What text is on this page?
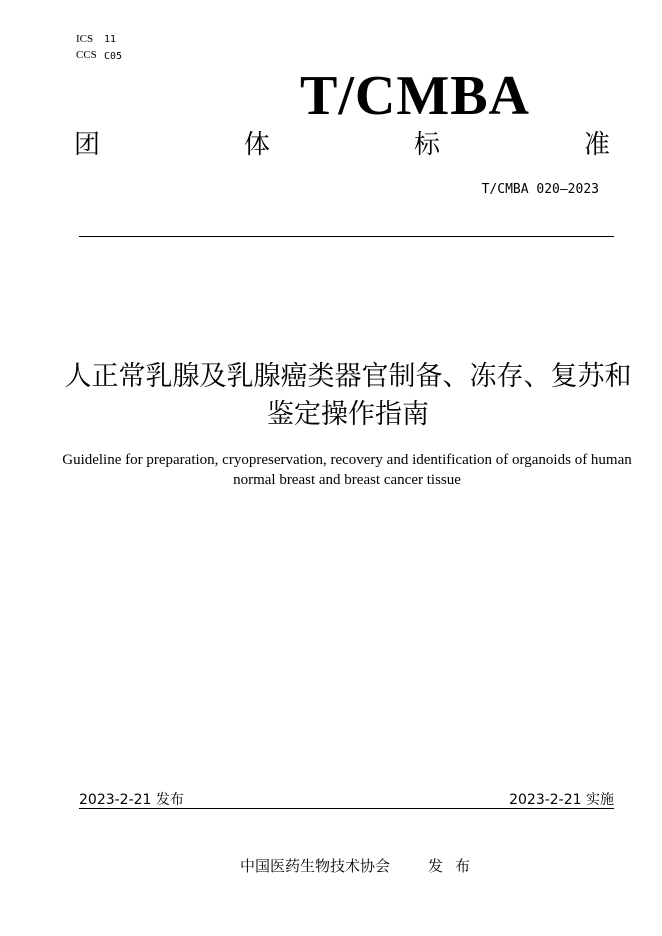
ICS 11
CCS C05
T/CMBA
团	体	标	准
T/CMBA 020—2023
人正常乳腺及乳腺癌类器官制备、冻存、复苏和鉴定操作指南
Guideline for preparation, cryopreservation, recovery and identification of organoids of human normal breast and breast cancer tissue
2023-2-21 发布	2023-2-21 实施
中国医药生物技术协会	发布
